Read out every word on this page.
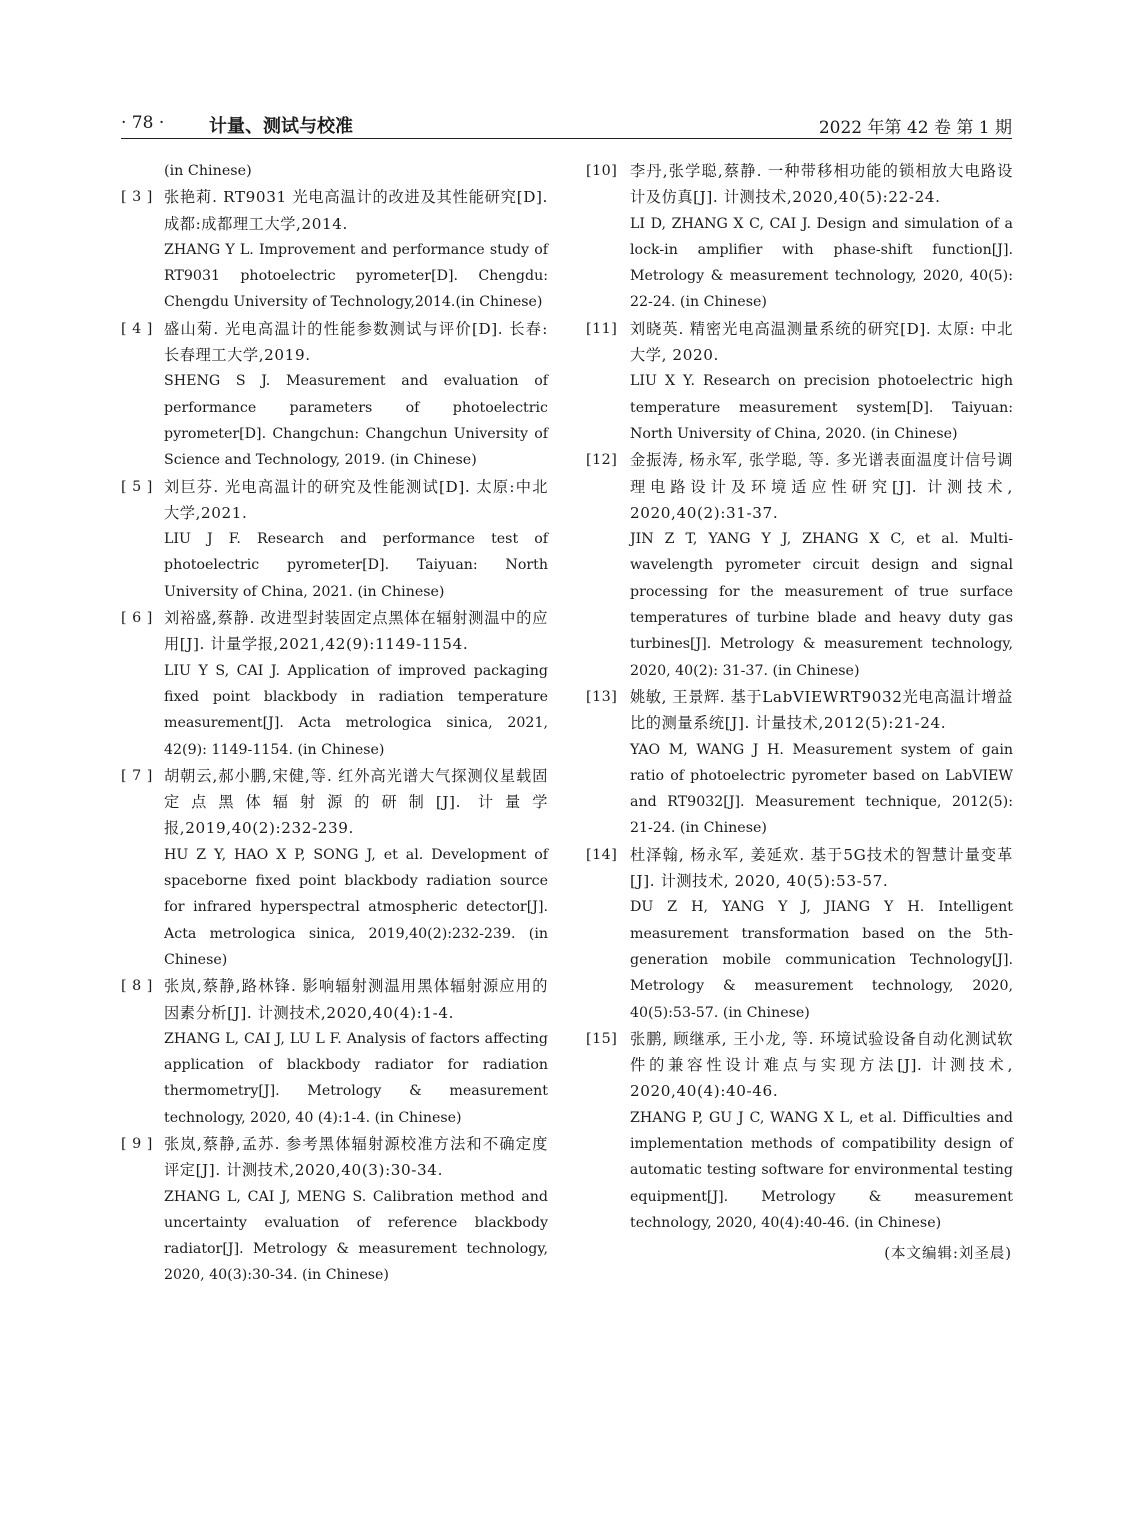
· 78 · 计量、测试与校准	2022 年第 42 卷 第 1 期

(in Chinese)

[ 3 ] 张艳莉. RT9031 光电高温计的改进及其性能研究[D]. 成都:成都理工大学,2014.

ZHANG Y L. Improvement and performance study of RT9031 photoelectric pyrometer[D]. Chengdu: Chengdu University of Technology,2014.(in Chinese)

[ 4 ] 盛山菊. 光电高温计的性能参数测试与评价[D]. 长春: 长春理工大学,2019.

SHENG S J. Measurement and evaluation of performance parameters of photoelectric pyrometer[D]. Changchun: Changchun University of Science and Technology, 2019. (in Chinese)

[ 5 ] 刘巨芬. 光电高温计的研究及性能测试[D]. 太原:中北大学,2021.

LIU J F. Research and performance test of photoelectric pyrometer[D]. Taiyuan: North University of China, 2021. (in Chinese)

[ 6 ] 刘裕盛,蔡静. 改进型封装固定点黑体在辐射测温中的应用[J]. 计量学报,2021,42(9):1149-1154.

LIU Y S, CAI J. Application of improved packaging fixed point blackbody in radiation temperature measurement[J]. Acta metrologica sinica, 2021, 42(9): 1149-1154. (in Chinese)

[ 7 ] 胡朝云,郝小鹏,宋健,等. 红外高光谱大气探测仪星载固定点黑体辐射源的研制[J]. 计量学报,2019,40(2):232-239.

HU Z Y, HAO X P, SONG J, et al. Development of spaceborne fixed point blackbody radiation source for infrared hyperspectral atmospheric detector[J]. Acta metrologica sinica, 2019,40(2):232-239. (in Chinese)

[ 8 ] 张岚,蔡静,路林锋. 影响辐射测温用黑体辐射源应用的因素分析[J]. 计测技术,2020,40(4):1-4.

ZHANG L, CAI J, LU L F. Analysis of factors affecting application of blackbody radiator for radiation thermometry[J]. Metrology & measurement technology, 2020, 40 (4):1-4. (in Chinese)

[ 9 ] 张岚,蔡静,孟苏. 参考黑体辐射源校准方法和不确定度评定[J]. 计测技术,2020,40(3):30-34.

ZHANG L, CAI J, MENG S. Calibration method and uncertainty evaluation of reference blackbody radiator[J]. Metrology & measurement technology, 2020, 40(3):30-34. (in Chinese)

[10] 李丹,张学聪,蔡静. 一种带移相功能的锁相放大电路设计及仿真[J]. 计测技术,2020,40(5):22-24.

LI D, ZHANG X C, CAI J. Design and simulation of a lock-in amplifier with phase-shift function[J]. Metrology & measurement technology, 2020, 40(5): 22-24. (in Chinese)

[11] 刘晓英. 精密光电高温测量系统的研究[D]. 太原: 中北大学, 2020.

LIU X Y. Research on precision photoelectric high temperature measurement system[D]. Taiyuan: North University of China, 2020. (in Chinese)

[12] 金振涛, 杨永军, 张学聪, 等. 多光谱表面温度计信号调理电路设计及环境适应性研究[J]. 计测技术, 2020,40(2):31-37.

JIN Z T, YANG Y J, ZHANG X C, et al. Multi-wavelength pyrometer circuit design and signal processing for the measurement of true surface temperatures of turbine blade and heavy duty gas turbines[J]. Metrology & measurement technology, 2020, 40(2): 31-37. (in Chinese)

[13] 姚敏, 王景辉. 基于LabVIEWRT9032光电高温计增益比的测量系统[J]. 计量技术,2012(5):21-24.

YAO M, WANG J H. Measurement system of gain ratio of photoelectric pyrometer based on LabVIEW and RT9032[J]. Measurement technique, 2012(5): 21-24. (in Chinese)

[14] 杜泽翰, 杨永军, 姜延欢. 基于5G技术的智慧计量变革[J]. 计测技术, 2020, 40(5):53-57.

DU Z H, YANG Y J, JIANG Y H. Intelligent measurement transformation based on the 5th-generation mobile communication Technology[J]. Metrology & measurement technology, 2020, 40(5):53-57. (in Chinese)

[15] 张鹏, 顾继承, 王小龙, 等. 环境试验设备自动化测试软件的兼容性设计难点与实现方法[J]. 计测技术, 2020,40(4):40-46.

ZHANG P, GU J C, WANG X L, et al. Difficulties and implementation methods of compatibility design of automatic testing software for environmental testing equipment[J]. Metrology & measurement technology, 2020, 40(4):40-46. (in Chinese)

(本文编辑:刘圣晨)
